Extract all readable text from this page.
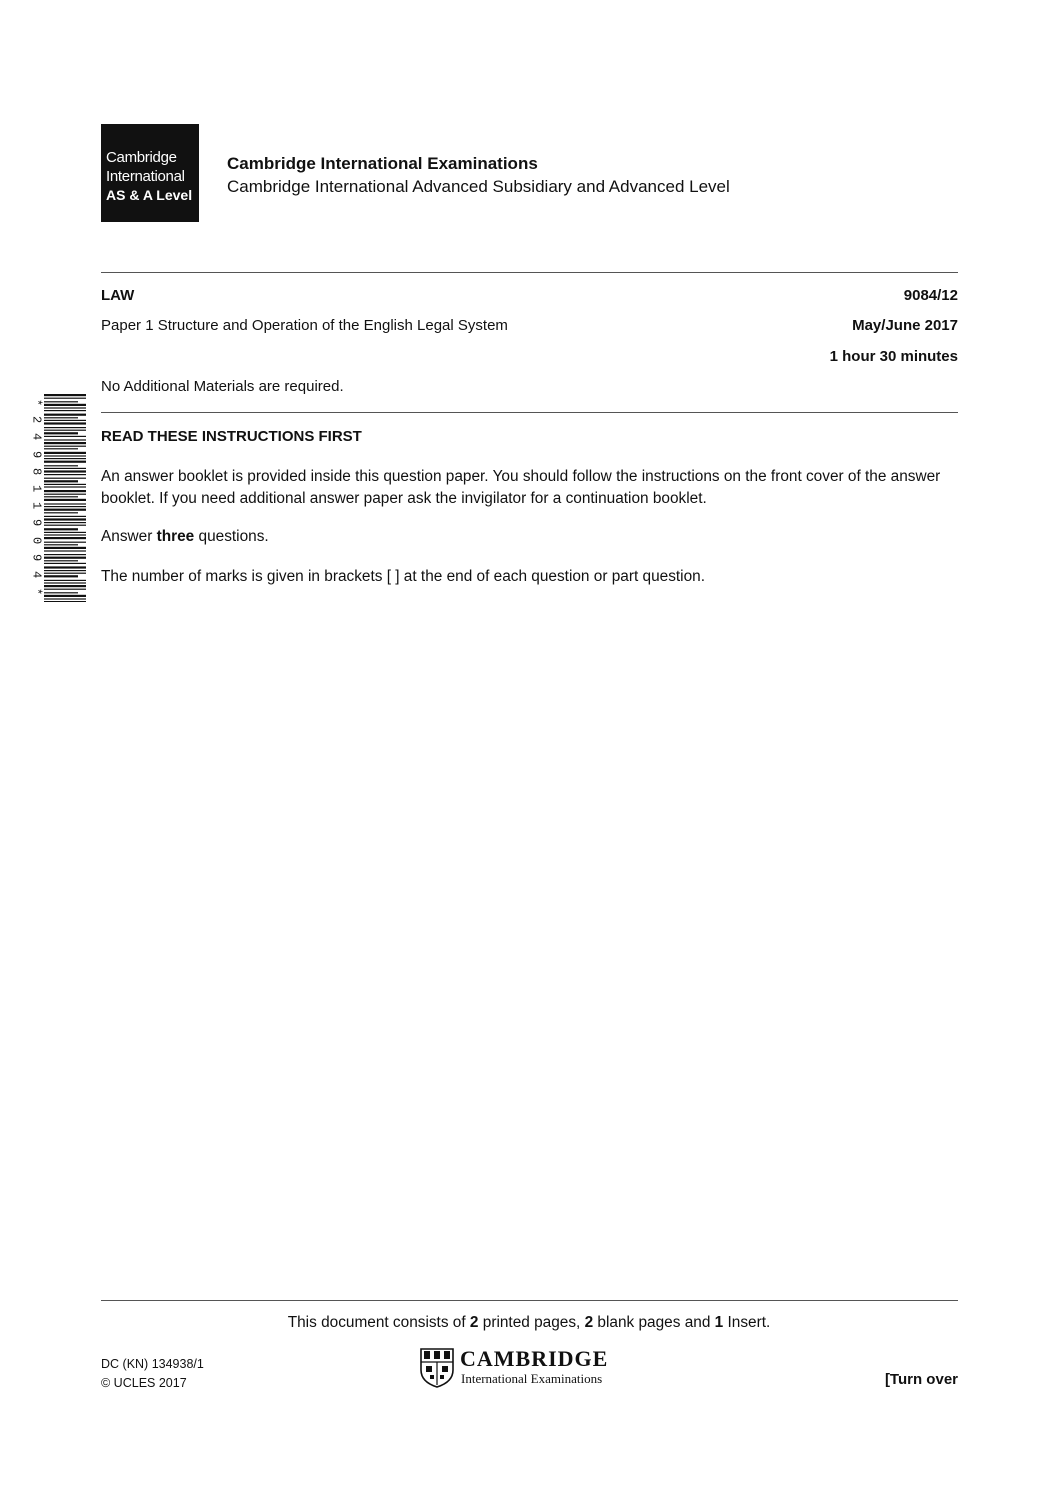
Cambridge
International
AS & A Level
Cambridge International Examinations
Cambridge International Advanced Subsidiary and Advanced Level
LAW	9084/12
Paper 1 Structure and Operation of the English Legal System	May/June 2017
1 hour 30 minutes
No Additional Materials are required.
*
2
4
9
8
1
1
9
0
9
4
*
READ THESE INSTRUCTIONS FIRST
An answer booklet is provided inside this question paper. You should follow the instructions on the front cover of the answer booklet. If you need additional answer paper ask the invigilator for a continuation booklet.
Answer three questions.
The number of marks is given in brackets [ ] at the end of each question or part question.
This document consists of 2 printed pages, 2 blank pages and 1 Insert.
DC (KN) 134938/1
© UCLES 2017
CAMBRIDGE
International Examinations	[Turn over
